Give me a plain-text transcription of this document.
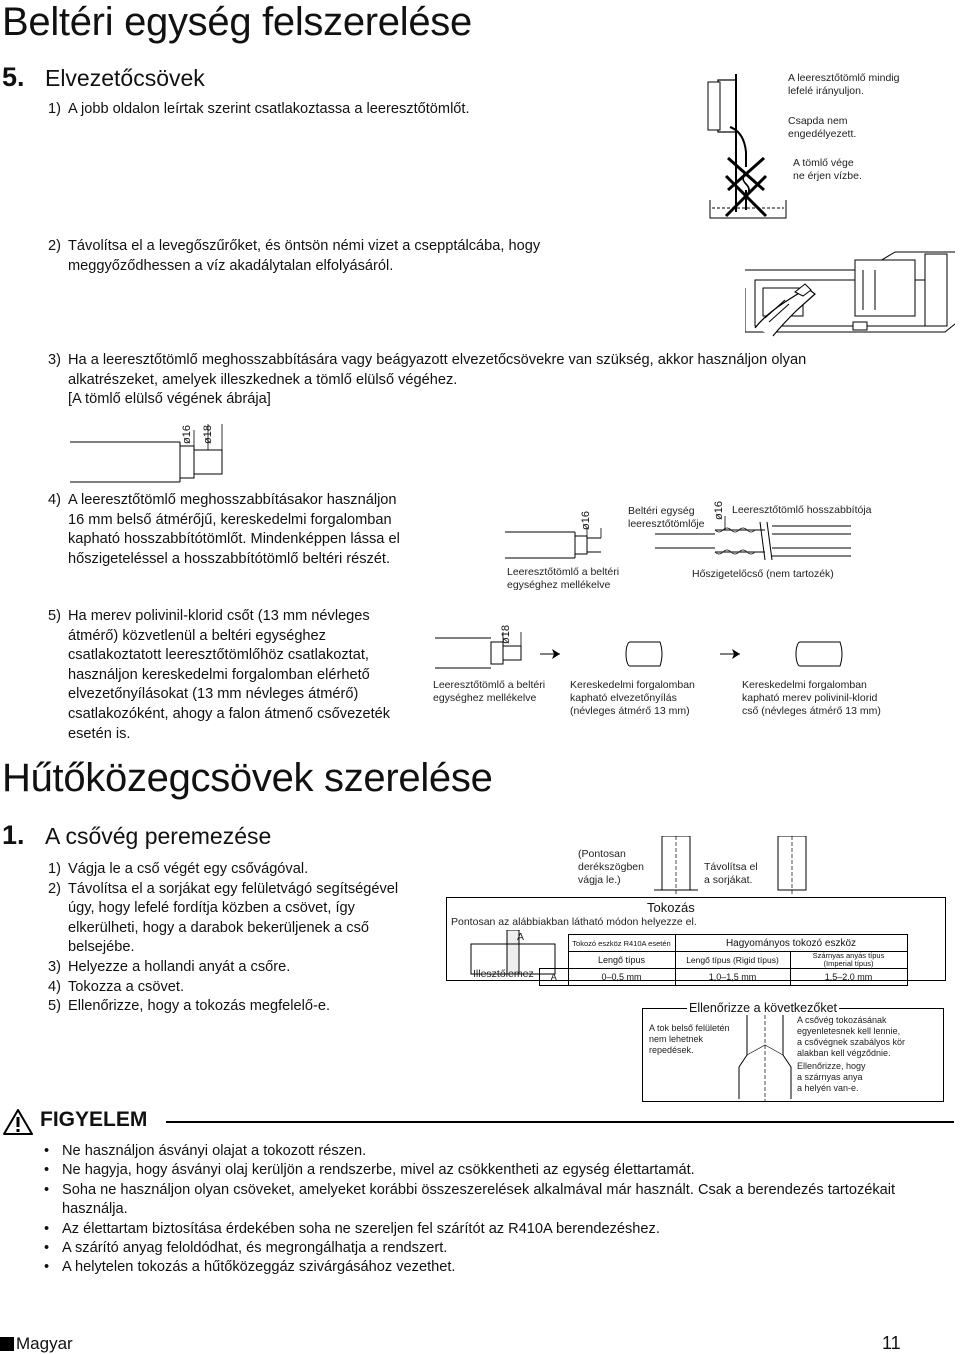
Beltéri egység felszerelése
5. Elvezetőcsövek
1) A jobb oldalon leírtak szerint csatlakoztassa a leeresztőtömlőt.
2) Távolítsa el a levegőszűrőket, és öntsön némi vizet a csepptálcába, hogy
meggyőződhessen a víz akadálytalan elfolyásáról.
3) Ha a leeresztőtömlő meghosszabbítására vagy beágyazott elvezetőcsövekre van szükség, akkor használjon olyan
alkatrészeket, amelyek illeszkednek a tömlő elülső végéhez.
[A tömlő elülső végének ábrája]
4) A leeresztőtömlő meghosszabbításakor használjon
16 mm belső átmérőjű, kereskedelmi forgalomban
kapható hosszabbítótömlőt. Mindenképpen lássa el
hőszigeteléssel a hosszabbítótömlő beltéri részét.
5) Ha merev polivinil-klorid csőt (13 mm névleges
átmérő) közvetlenül a beltéri egységhez
csatlakoztatott leeresztőtömlőhöz csatlakoztat,
használjon kereskedelmi forgalomban elérhető
elvezetőnyílásokat (13 mm névleges átmérő)
csatlakozóként, ahogy a falon átmenő csővezeték
esetén is.
A leeresztőtömlő mindig
lefelé irányuljon.
Csapda nem
engedélyezett.
A tömlő vége
ne érjen vízbe.
ø16 ø18
ø16
Leeresztőtömlő a beltéri
egységhez mellékelve
Beltéri egység
leeresztőtömlője
ø16 Leeresztőtömlő hosszabbítója
Hőszigetelőcső (nem tartozék)
ø18
Leeresztőtömlő a beltéri
egységhez mellékelve
Kereskedelmi forgalomban
kapható elvezetőnyílás
(névleges átmérő 13 mm)
Kereskedelmi forgalomban
kapható merev polivinil-klorid
cső (névleges átmérő 13 mm)
Hűtőközegcsövek szerelése
1. A csővég peremezése
1) Vágja le a cső végét egy csővágóval.
2) Távolítsa el a sorjákat egy felületvágó segítségével
úgy, hogy lefelé fordítja közben a csövet, így
elkerülheti, hogy a darabok bekerüljenek a cső
belsejébe.
3) Helyezze a hollandi anyát a csőre.
4) Tokozza a csövet.
5) Ellenőrizze, hogy a tokozás megfelelő-e.
(Pontosan
derékszögben
vágja le.)
Távolítsa el
a sorjákat.
Tokozás
Pontosan az alábbiakban látható módon helyezze el.
A
Illesztőlemez
	Tokozó eszköz R410A esetén	Hagyományos tokozó eszköz	
	Lengő típus	Lengő típus (Rigid típus)	Szárnyas anyás típus
(Imperial típus)

A	0–0,5 mm	1,0–1,5 mm	1,5–2,0 mm
Ellenőrizze a következőket
A tok belső felületén
nem lehetnek
repedések.
A csővég tokozásának
egyenletesnek kell lennie,
a csővégnek szabályos kör
alakban kell végződnie.
Ellenőrizze, hogy
a szárnyas anya
a helyén van-e.
FIGYELEM
• Ne használjon ásványi olajat a tokozott részen.
• Ne hagyja, hogy ásványi olaj kerüljön a rendszerbe, mivel az csökkentheti az egység élettartamát.
• Soha ne használjon olyan csöveket, amelyeket korábbi összeszerelések alkalmával már használt. Csak a berendezés tartozékait használja.
• Az élettartam biztosítása érdekében soha ne szereljen fel szárítót az R410A berendezéshez.
• A szárító anyag feloldódhat, és megrongálhatja a rendszert.
• A helytelen tokozás a hűtőközeggáz szivárgásához vezethet.
Magyar	11
